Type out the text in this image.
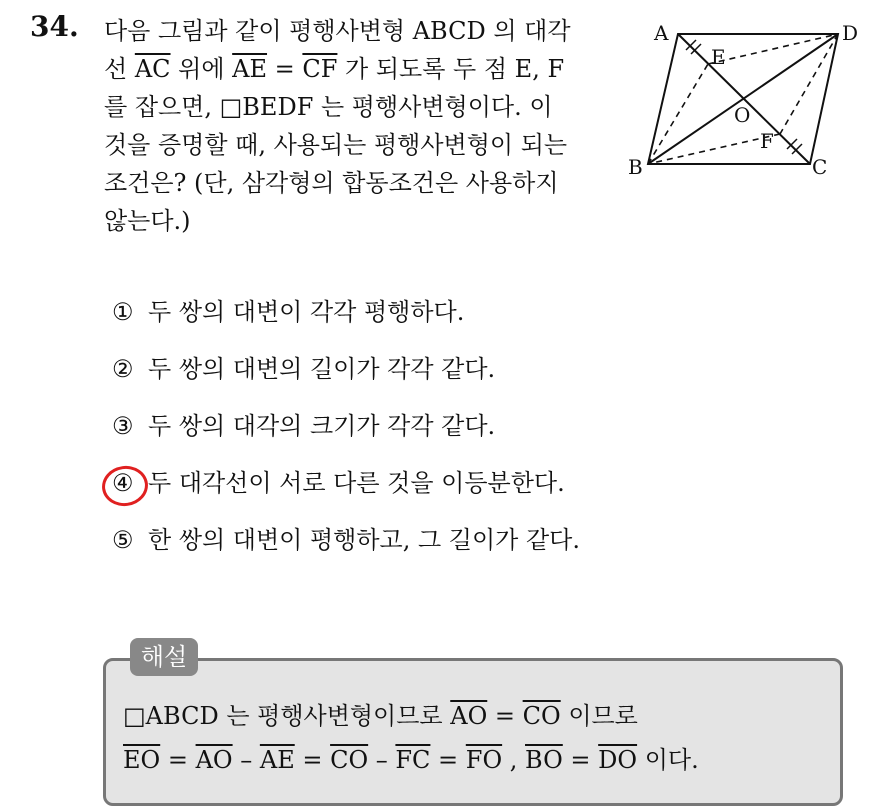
34. 다음 그림과 같이 평행사변형 ABCD 의 대각
선 $\overline{AC}$ 위에 $\overline{AE} = \overline{CF}$ 가 되도록 두 점 E, F
를 잡으면, □BEDF 는 평행사변형이다. 이
것을 증명할 때, 사용되는 평행사변형이 되는
조건은? (단, 삼각형의 합동조건은 사용하지
않는다.)
A	D
B	C
E
F
O
① 두 쌍의 대변이 각각 평행하다.
② 두 쌍의 대변의 길이가 각각 같다.
③ 두 쌍의 대각의 크기가 각각 같다.
④ 두 대각선이 서로 다른 것을 이등분한다.
⑤ 한 쌍의 대변이 평행하고, 그 길이가 같다.
해설
□ABCD 는 평행사변형이므로 $\overline{AO} = \overline{CO}$ 이므로
$\overline{EO} = \overline{AO} - \overline{AE} = \overline{CO} - \overline{FC} = \overline{FO}$ , $\overline{BO} = \overline{DO}$ 이다.
